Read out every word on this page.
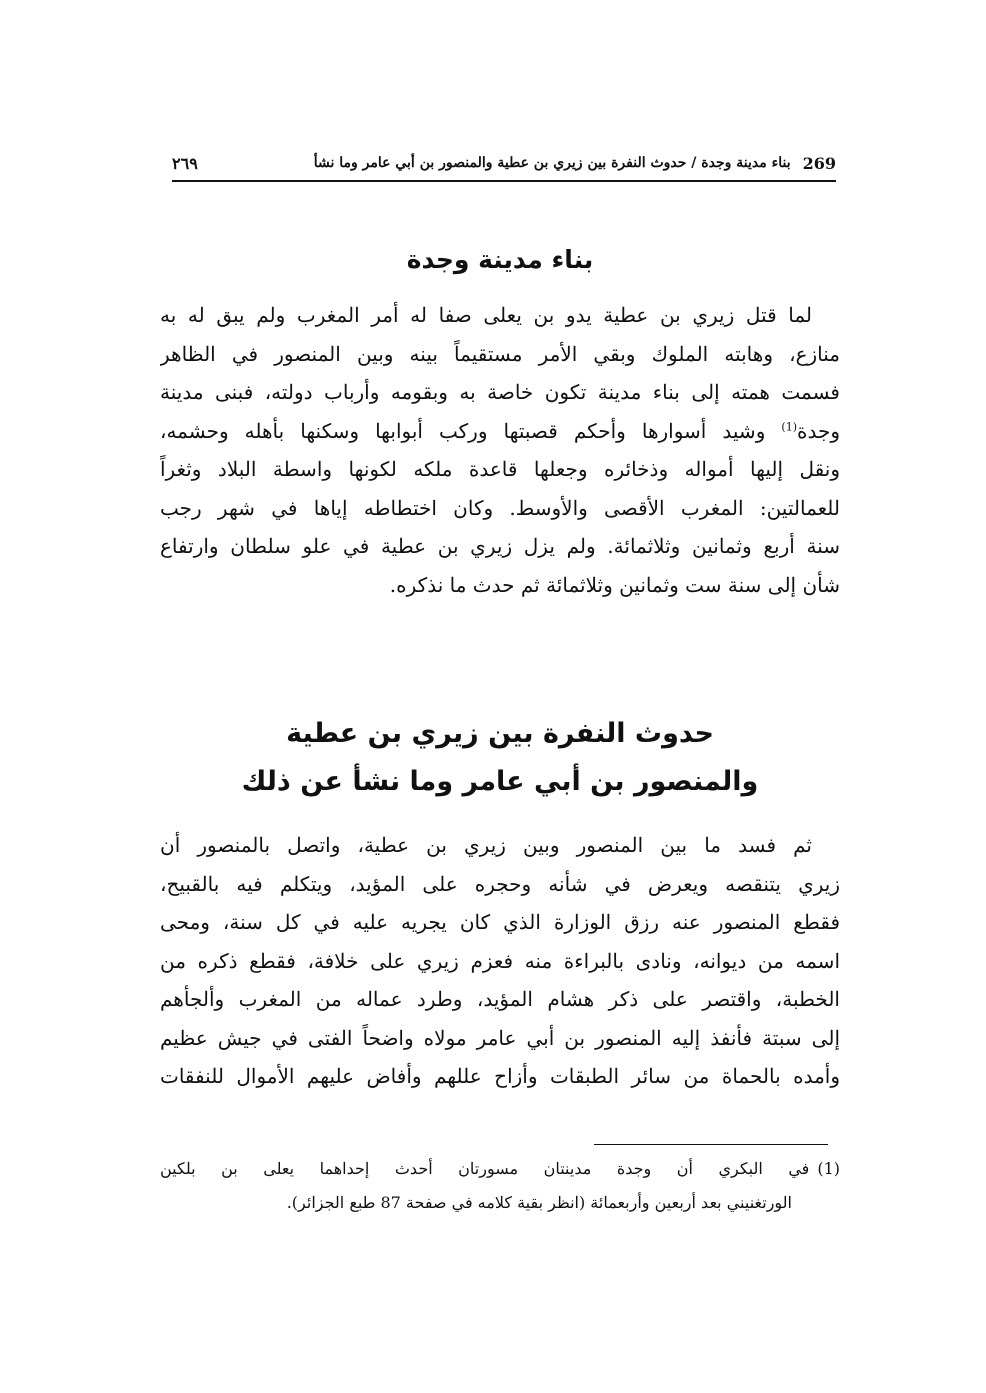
٢٦٩	بناء مدينة وجدة / حدوث النفرة بين زيري بن عطية والمنصور بن أبي عامر وما نشأ 269
بناء مدينة وجدة
لما قتل زيري بن عطية يدو بن يعلى صفا له أمر المغرب ولم يبق له به
منازع، وهابته الملوك وبقي الأمر مستقيماً بينه وبين المنصور في الظاهر
فسمت همته إلى بناء مدينة تكون خاصة به وبقومه وأرباب دولته، فبنى مدينة
وجدة$^{(1)}$ وشيد أسوارها وأحكم قصبتها وركب أبوابها وسكنها بأهله وحشمه،
ونقل إليها أمواله وذخائره وجعلها قاعدة ملكه لكونها واسطة البلاد وثغراً
للعمالتين: المغرب الأقصى والأوسط. وكان اختطاطه إياها في شهر رجب
سنة أربع وثمانين وثلاثمائة. ولم يزل زيري بن عطية في علو سلطان وارتفاع
شأن إلى سنة ست وثمانين وثلاثمائة ثم حدث ما نذكره.
حدوث النفرة بين زيري بن عطية
والمنصور بن أبي عامر وما نشأ عن ذلك
ثم فسد ما بين المنصور وبين زيري بن عطية، واتصل بالمنصور أن
زيري يتنقصه ويعرض في شأنه وحجره على المؤيد، ويتكلم فيه بالقبيح،
فقطع المنصور عنه رزق الوزارة الذي كان يجريه عليه في كل سنة، ومحى
اسمه من ديوانه، ونادى بالبراءة منه فعزم زيري على خلافة، فقطع ذكره من
الخطبة، واقتصر على ذكر هشام المؤيد، وطرد عماله من المغرب وألجأهم
إلى سبتة فأنفذ إليه المنصور بن أبي عامر مولاه واضحاً الفتى في جيش عظيم
وأمده بالحماة من سائر الطبقات وأزاح عللهم وأفاض عليهم الأموال للنفقات
(1)في البكري أن وجدة مدينتان مسورتان أحدث إحداهما يعلى بن بلكين
الورتغنيني بعد أربعين وأربعمائة (انظر بقية كلامه في صفحة 87 طبع الجزائر).
